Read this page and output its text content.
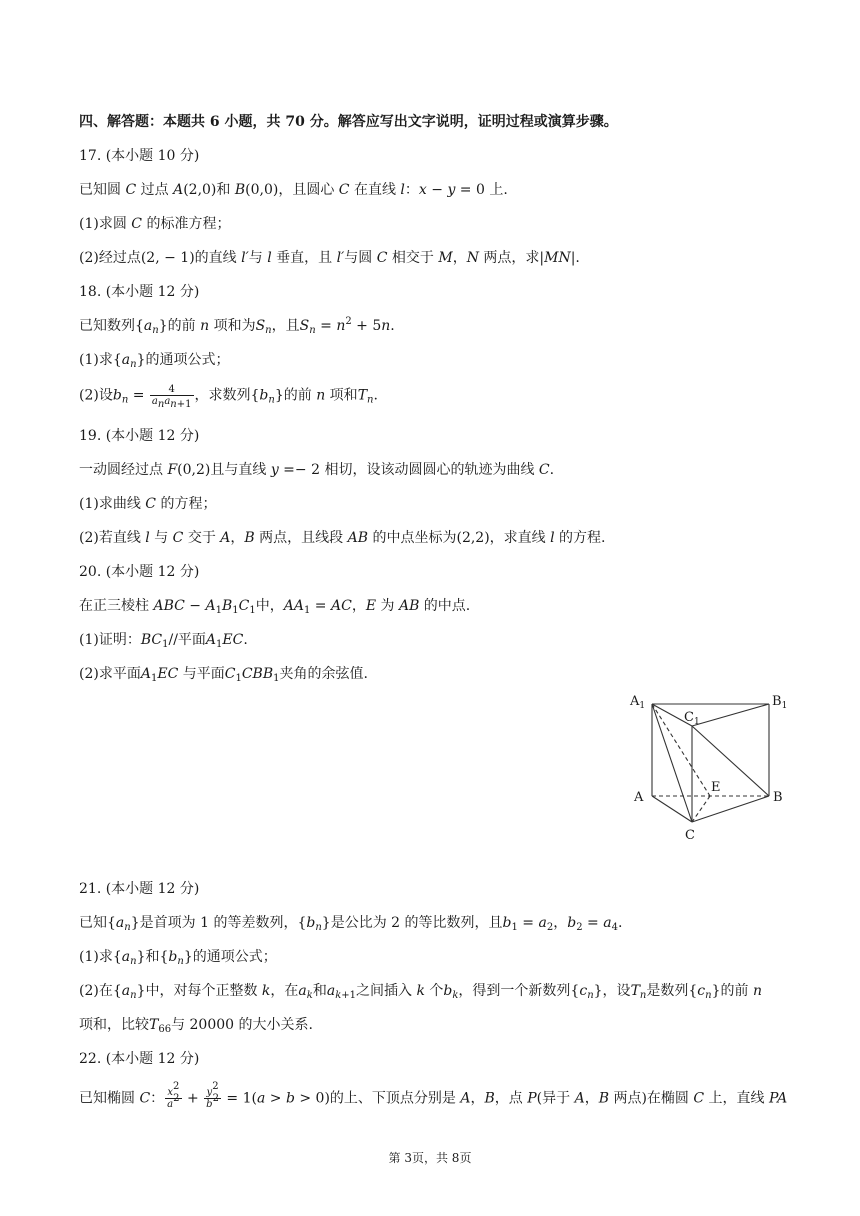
四、解答题：本题共 6 小题，共 70 分。解答应写出文字说明，证明过程或演算步骤。
17. (本小题 10 分)
已知圆 C 过点 A(2,0)和 B(0,0)，且圆心 C 在直线 l：x − y = 0 上.
(1)求圆 C 的标准方程；
(2)经过点(2, − 1)的直线 l′与 l 垂直，且 l′与圆 C 相交于 M，N 两点，求|MN|.
18. (本小题 12 分)
已知数列$\{a_n\}$的前 n 项和为$S_n$，且$S_n = n^2 + 5n$.
(1)求$\{a_n\}$的通项公式；
(2)设$b_n = \frac{4}{a_na_{n+1}}$ ，求数列$\{b_n\}$的前 n 项和$T_n$.
19. (本小题 12 分)
一动圆经过点 F(0,2)且与直线 y =− 2 相切，设该动圆圆心的轨迹为曲线 C.
(1)求曲线 C 的方程；
(2)若直线 l 与 C 交于 A，B 两点，且线段 AB 的中点坐标为(2,2)，求直线 l 的方程.
20. (本小题 12 分)
在正三棱柱 ABC − $A_1B_1C_1$中，$AA_1$ = AC，E 为 AB 的中点.
(1)证明：$BC_1//$平面$A_1EC$.
(2)求平面$A_1EC$ 与平面$C_1CBB_1$夹角的余弦值.
$A_1$
$C_1$
$B_1$
E
A	B
C
21. (本小题 12 分)
已知$\{a_n\}$是首项为 1 的等差数列，$\{b_n\}$是公比为 2 的等比数列，且$b_1 = a_2$，$b_2 = a_4$.
(1)求$\{a_n\}$和$\{b_n\}$的通项公式；
(2)在$\{a_n\}$中，对每个正整数 k，在$a_k$和$a_{k+1}$之间插入 k 个$b_k$，得到一个新数列$\{c_n\}$，设$T_n$是数列$\{c_n\}$的前 n
项和，比较$T_{66}$与 20000 的大小关系.
22. (本小题 12 分)
已知椭圆 C： $\frac{x^2}{a^2} + \frac{y^2}{b^2} = 1(a > b > 0)$的上、下顶点分别是 A，B，点 P(异于 A，B 两点)在椭圆 C 上，直线 PA
第 3页，共 8页
